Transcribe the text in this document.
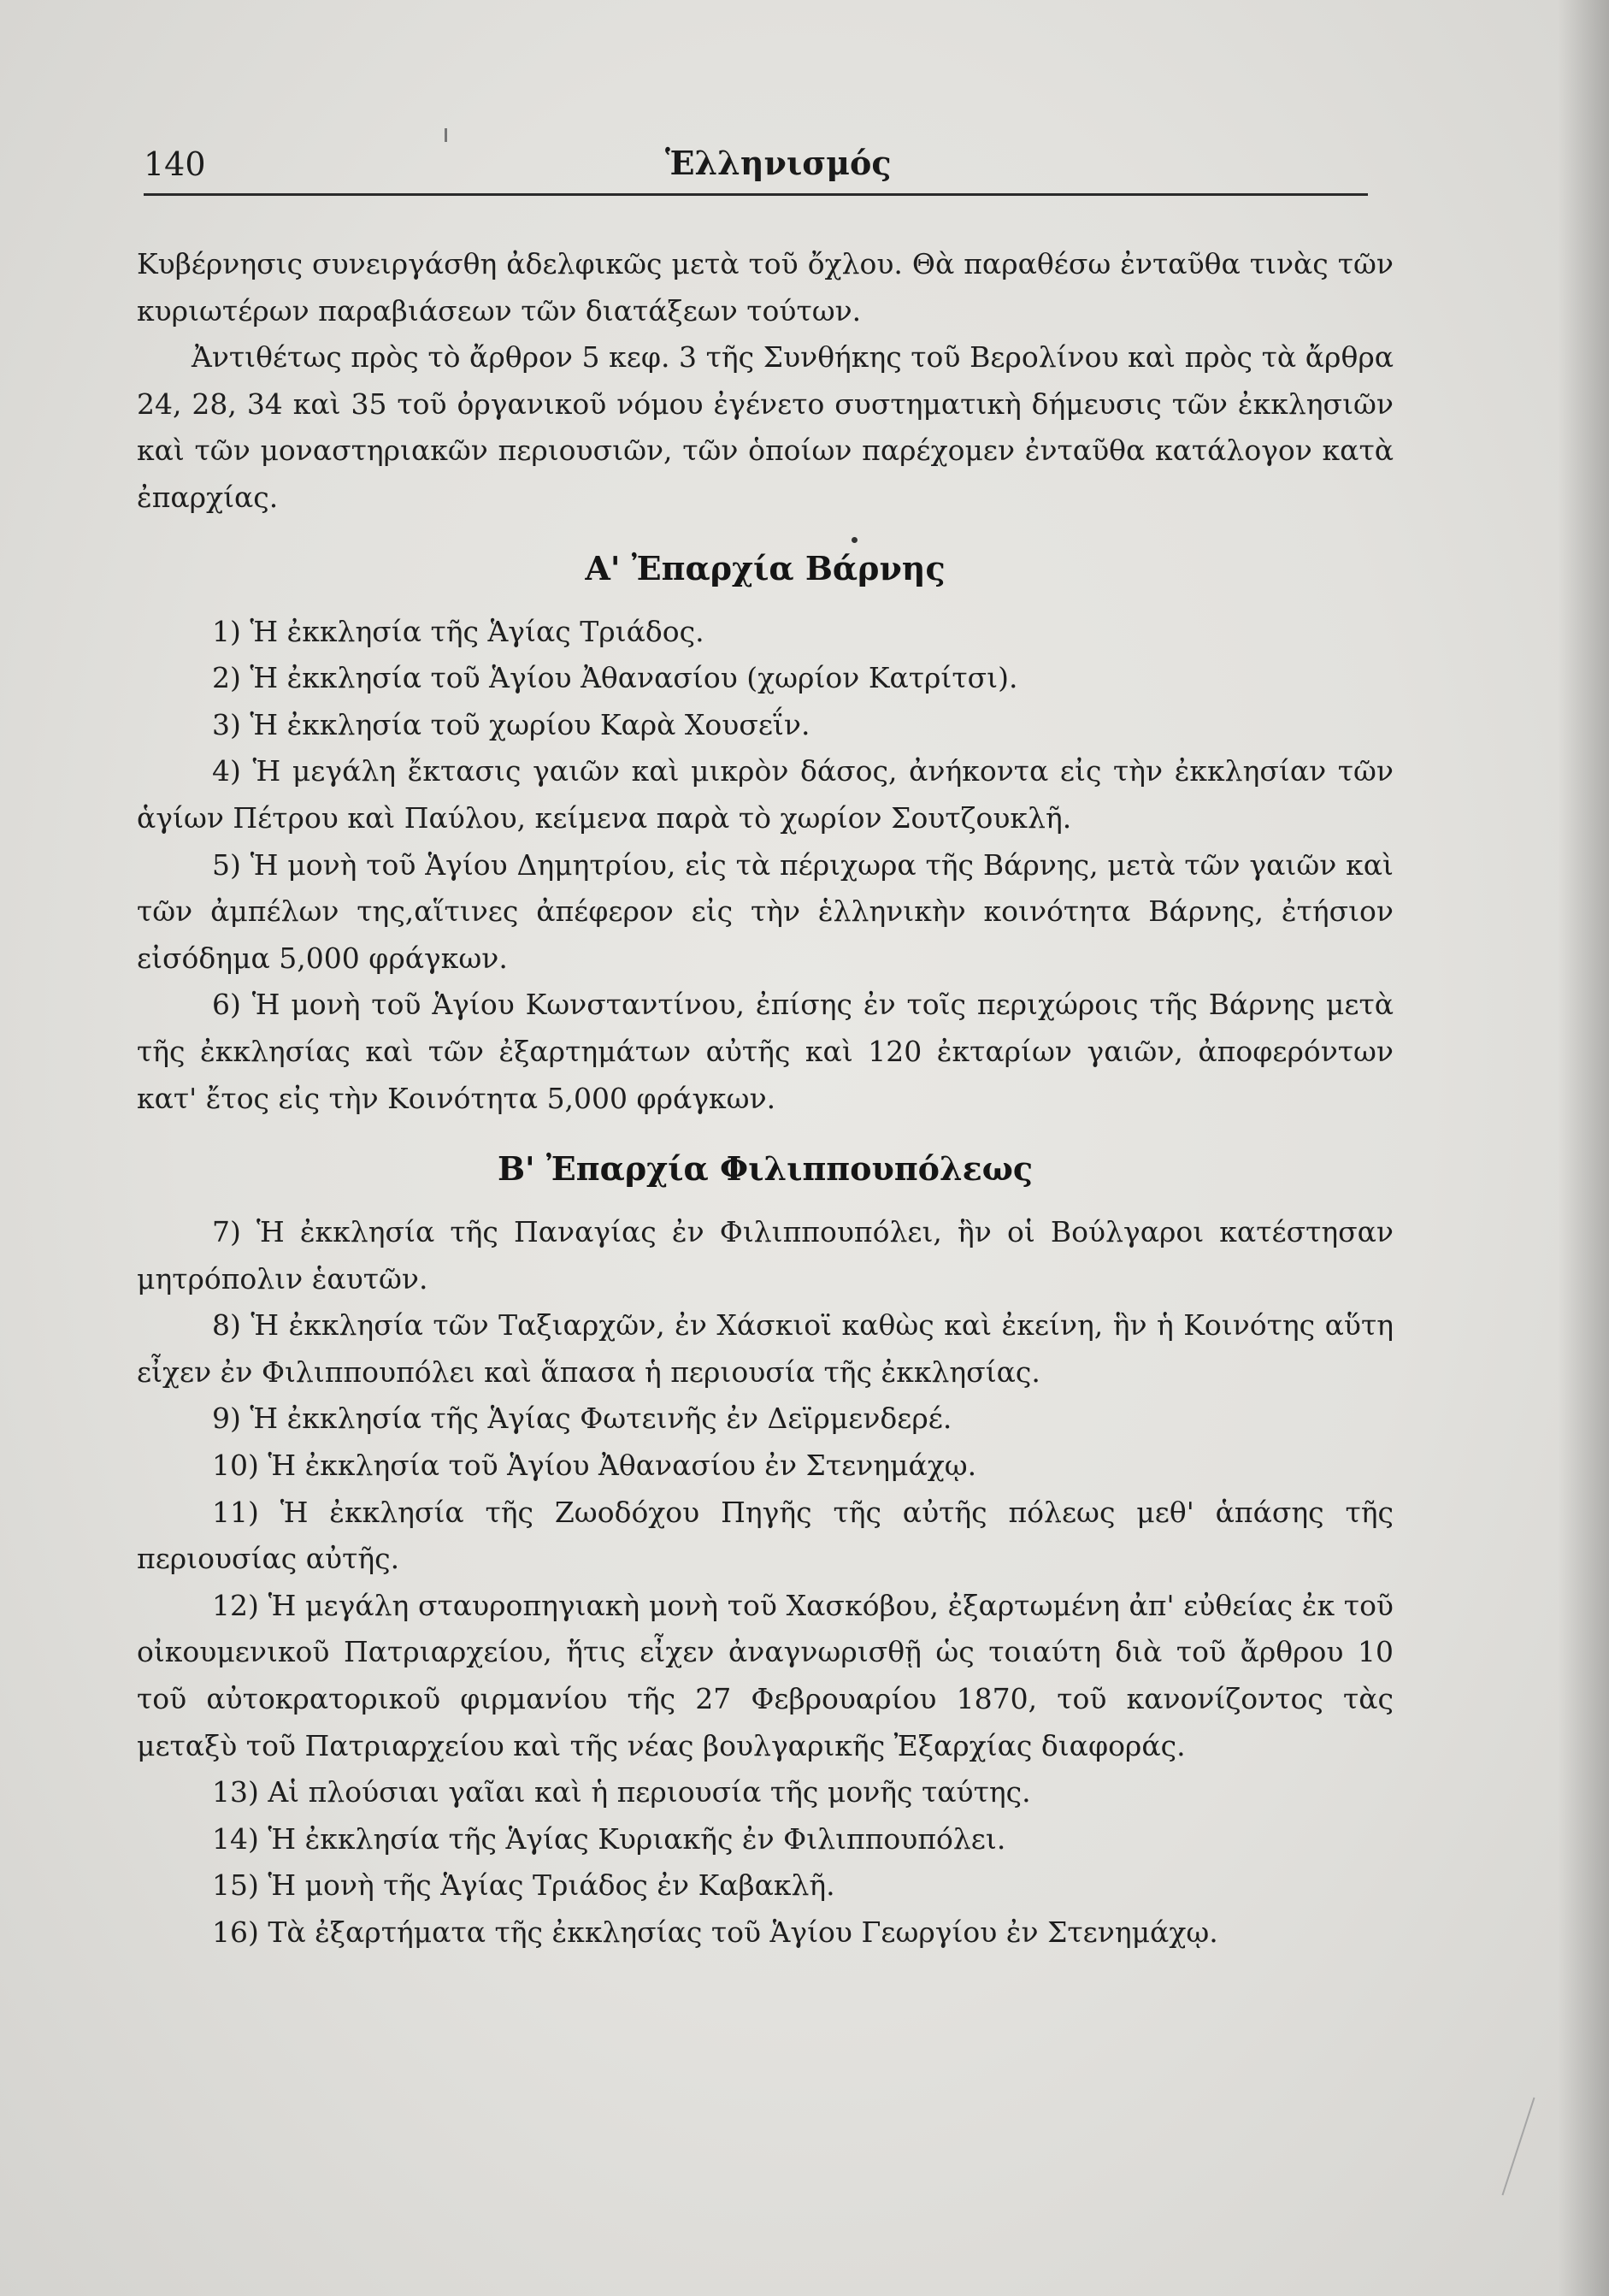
140	Ἑλληνισμός

Κυβέρνησις συνειργάσθη ἀδελφικῶς μετὰ τοῦ ὄχλου. Θὰ παραθέσω ἐνταῦθα τινὰς τῶν κυριωτέρων παραβιάσεων τῶν διατάξεων τούτων.

Ἀντιθέτως πρὸς τὸ ἄρθρον 5 κεφ. 3 τῆς Συνθήκης τοῦ Βερολίνου καὶ πρὸς τὰ ἄρθρα 24, 28, 34 καὶ 35 τοῦ ὀργανικοῦ νόμου ἐγένετο συστηματικὴ δήμευσις τῶν ἐκκλησιῶν καὶ τῶν μοναστηριακῶν περιουσιῶν, τῶν ὁποίων παρέχομεν ἐνταῦθα κατάλογον κατὰ ἐπαρχίας.

Α' Ἐπαρχία Βάρνης

1) Ἡ ἐκκλησία τῆς Ἁγίας Τριάδος.

2) Ἡ ἐκκλησία τοῦ Ἁγίου Ἀθανασίου (χωρίον Κατρίτσι).

3) Ἡ ἐκκλησία τοῦ χωρίου Καρὰ Χουσεΐν.

4) Ἡ μεγάλη ἔκτασις γαιῶν καὶ μικρὸν δάσος, ἀνήκοντα εἰς τὴν ἐκκλησίαν τῶν ἁγίων Πέτρου καὶ Παύλου, κείμενα παρὰ τὸ χωρίον Σουτζουκλῆ.

5) Ἡ μονὴ τοῦ Ἁγίου Δημητρίου, εἰς τὰ πέριχωρα τῆς Βάρνης, μετὰ τῶν γαιῶν καὶ τῶν ἀμπέλων της,αἵτινες ἀπέφερον εἰς τὴν ἑλληνικὴν κοινότητα Βάρνης, ἐτήσιον εἰσόδημα 5,000 φράγκων.

6) Ἡ μονὴ τοῦ Ἁγίου Κωνσταντίνου, ἐπίσης ἐν τοῖς περιχώροις τῆς Βάρνης μετὰ τῆς ἐκκλησίας καὶ τῶν ἐξαρτημάτων αὐτῆς καὶ 120 ἐκταρίων γαιῶν, ἀποφερόντων κατ' ἔτος εἰς τὴν Κοινότητα 5,000 φράγκων.

Β' Ἐπαρχία Φιλιππουπόλεως

7) Ἡ ἐκκλησία τῆς Παναγίας ἐν Φιλιππουπόλει, ἣν οἱ Βούλγαροι κατέστησαν μητρόπολιν ἑαυτῶν.

8) Ἡ ἐκκλησία τῶν Ταξιαρχῶν, ἐν Χάσκιοϊ καθὼς καὶ ἐκείνη, ἣν ἡ Κοινότης αὕτη εἶχεν ἐν Φιλιππουπόλει καὶ ἅπασα ἡ περιουσία τῆς ἐκκλησίας.

9) Ἡ ἐκκλησία τῆς Ἁγίας Φωτεινῆς ἐν Δεϊρμενδερέ.

10) Ἡ ἐκκλησία τοῦ Ἁγίου Ἀθανασίου ἐν Στενημάχῳ.

11) Ἡ ἐκκλησία τῆς Ζωοδόχου Πηγῆς τῆς αὐτῆς πόλεως μεθ' ἁπάσης τῆς περιουσίας αὐτῆς.

12) Ἡ μεγάλη σταυροπηγιακὴ μονὴ τοῦ Χασκόβου, ἐξαρτωμένη ἀπ' εὐθείας ἐκ τοῦ οἰκουμενικοῦ Πατριαρχείου, ἥτις εἶχεν ἀναγνωρισθῇ ὡς τοιαύτη διὰ τοῦ ἄρθρου 10 τοῦ αὐτοκρατορικοῦ φιρμανίου τῆς 27 Φεβρουαρίου 1870, τοῦ κανονίζοντος τὰς μεταξὺ τοῦ Πατριαρχείου καὶ τῆς νέας βουλγαρικῆς Ἐξαρχίας διαφοράς.

13) Αἱ πλούσιαι γαῖαι καὶ ἡ περιουσία τῆς μονῆς ταύτης.

14) Ἡ ἐκκλησία τῆς Ἁγίας Κυριακῆς ἐν Φιλιππουπόλει.

15) Ἡ μονὴ τῆς Ἁγίας Τριάδος ἐν Καβακλῆ.

16) Τὰ ἐξαρτήματα τῆς ἐκκλησίας τοῦ Ἁγίου Γεωργίου ἐν Στενημάχῳ.
